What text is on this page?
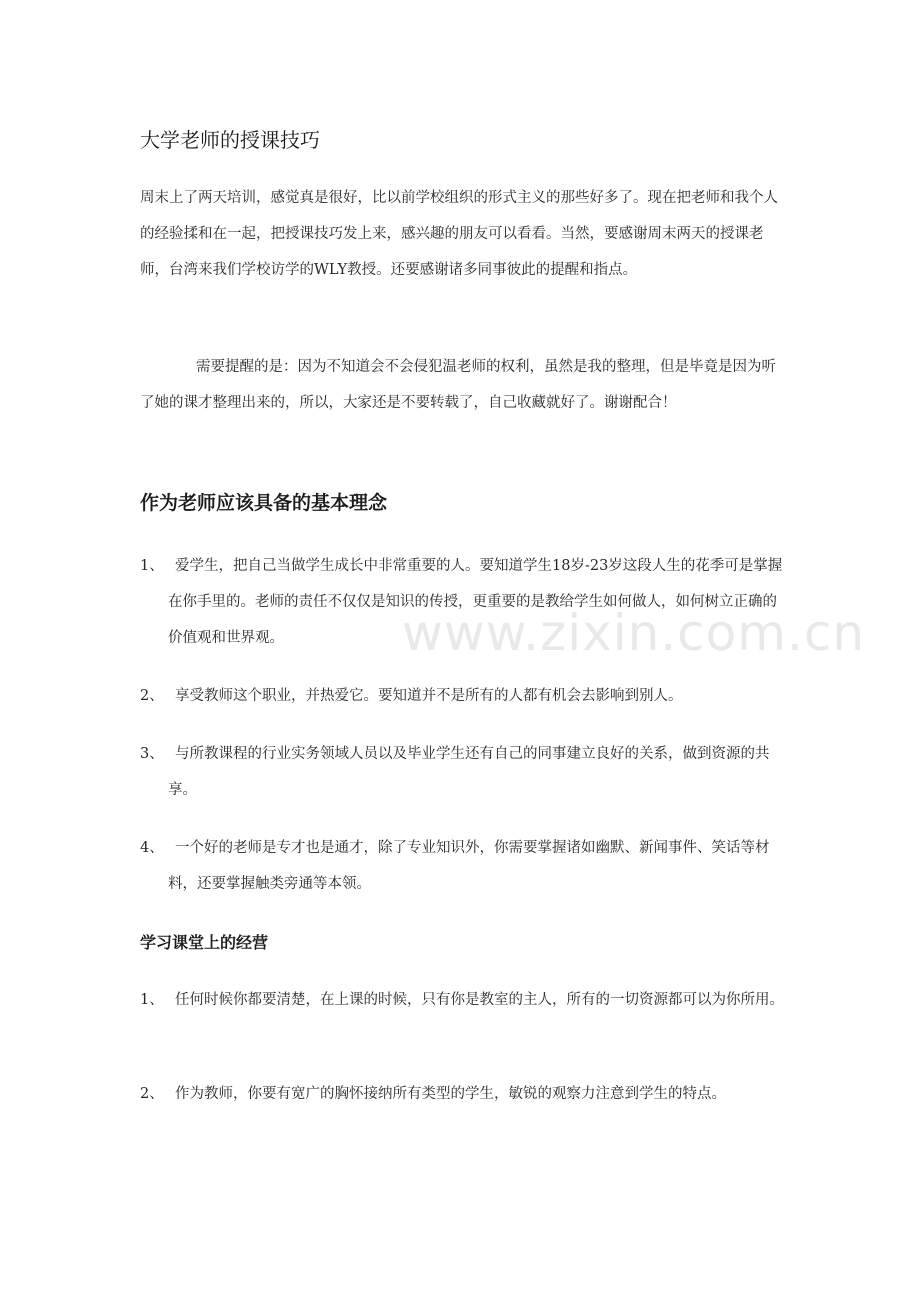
大学老师的授课技巧

周末上了两天培训，感觉真是很好，比以前学校组织的形式主义的那些好多了。现在把老师和我个人的经验揉和在一起，把授课技巧发上来，感兴趣的朋友可以看看。当然，要感谢周末两天的授课老师，台湾来我们学校访学的WLY教授。还要感谢诸多同事彼此的提醒和指点。

需要提醒的是：因为不知道会不会侵犯温老师的权利，虽然是我的整理，但是毕竟是因为听了她的课才整理出来的，所以，大家还是不要转载了，自己收藏就好了。谢谢配合！

作为老师应该具备的基本理念
1、 爱学生，把自己当做学生成长中非常重要的人。要知道学生18岁-23岁这段人生的花季可是掌握在你手里的。老师的责任不仅仅是知识的传授，更重要的是教给学生如何做人，如何树立正确的价值观和世界观。
2、 享受教师这个职业，并热爱它。要知道并不是所有的人都有机会去影响到别人。
3、 与所教课程的行业实务领域人员以及毕业学生还有自己的同事建立良好的关系，做到资源的共享。
4、 一个好的老师是专才也是通才，除了专业知识外，你需要掌握诸如幽默、新闻事件、笑话等材料，还要掌握触类旁通等本领。
学习课堂上的经营
1、 任何时候你都要清楚，在上课的时候，只有你是教室的主人，所有的一切资源都可以为你所用。
2、 作为教师，你要有宽广的胸怀接纳所有类型的学生，敏锐的观察力注意到学生的特点。
www.zixin.com.cn
